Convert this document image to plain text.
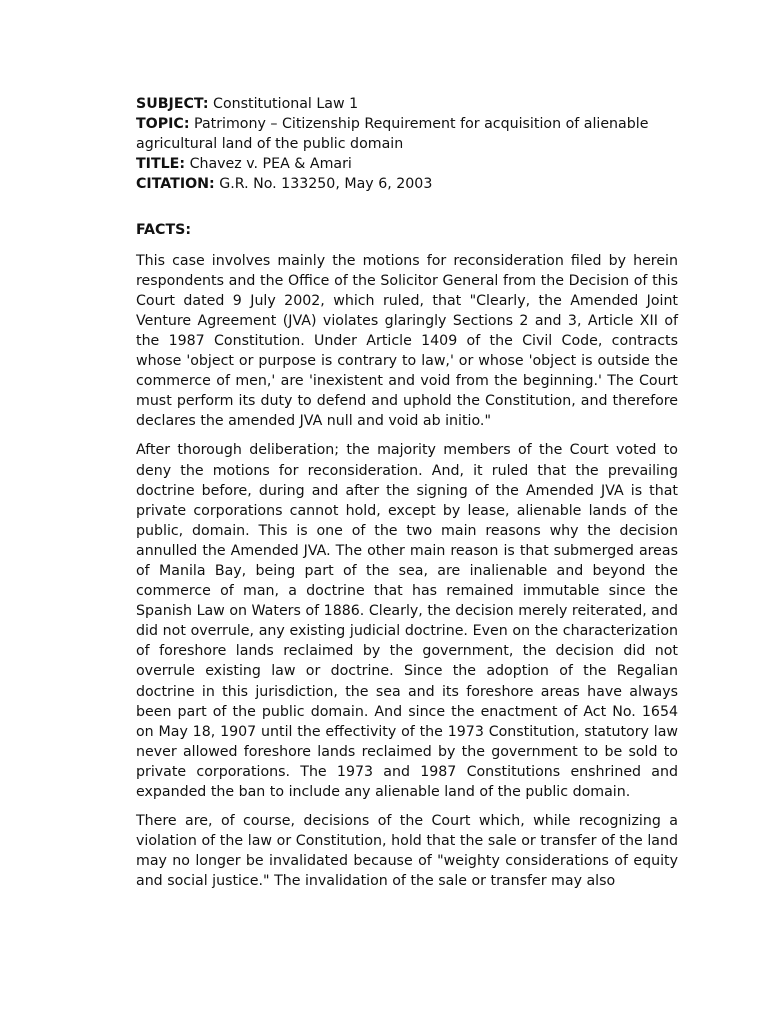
SUBJECT: Constitutional Law 1

TOPIC: Patrimony – Citizenship Requirement for acquisition of alienable agricultural land of the public domain

TITLE: Chavez v. PEA & Amari

CITATION: G.R. No. 133250, May 6, 2003

FACTS:

This case involves mainly the motions for reconsideration filed by herein respondents and the Office of the Solicitor General from the Decision of this Court dated 9 July 2002, which ruled, that "Clearly, the Amended Joint Venture Agreement (JVA) violates glaringly Sections 2 and 3, Article XII of the 1987 Constitution. Under Article 1409 of the Civil Code, contracts whose 'object or purpose is contrary to law,' or whose 'object is outside the commerce of men,' are 'inexistent and void from the beginning.' The Court must perform its duty to defend and uphold the Constitution, and therefore declares the amended JVA null and void ab initio."

After thorough deliberation; the majority members of the Court voted to deny the motions for reconsideration. And, it ruled that the prevailing doctrine before, during and after the signing of the Amended JVA is that private corporations cannot hold, except by lease, alienable lands of the public, domain. This is one of the two main reasons why the decision annulled the Amended JVA. The other main reason is that submerged areas of Manila Bay, being part of the sea, are inalienable and beyond the commerce of man, a doctrine that has remained immutable since the Spanish Law on Waters of 1886. Clearly, the decision merely reiterated, and did not overrule, any existing judicial doctrine. Even on the characterization of foreshore lands reclaimed by the government, the decision did not overrule existing law or doctrine. Since the adoption of the Regalian doctrine in this jurisdiction, the sea and its foreshore areas have always been part of the public domain. And since the enactment of Act No. 1654 on May 18, 1907 until the effectivity of the 1973 Constitution, statutory law never allowed foreshore lands reclaimed by the government to be sold to private corporations. The 1973 and 1987 Constitutions enshrined and expanded the ban to include any alienable land of the public domain.

There are, of course, decisions of the Court which, while recognizing a violation of the law or Constitution, hold that the sale or transfer of the land may no longer be invalidated because of "weighty considerations of equity and social justice." The invalidation of the sale or transfer may also
